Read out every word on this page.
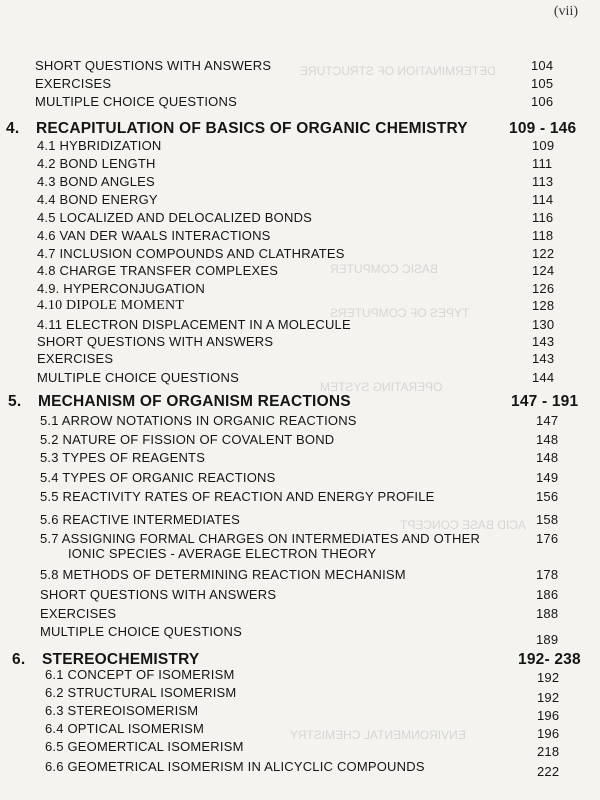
DETERMINATION OF STRUCTURE
BASIC COMPUTER
TYPES OF COMPUTERS
OPERATING SYSTEM
ACID BASE CONCEPT
ENVIRONMENTAL CHEMISTRY
(vii)
SHORT QUESTIONS WITH ANSWERS	104
EXERCISES	105
MULTIPLE CHOICE QUESTIONS	106
4. RECAPITULATION OF BASICS OF ORGANIC CHEMISTRY	109 - 146
4.1 HYBRIDIZATION	109
4.2 BOND LENGTH	111
4.3 BOND ANGLES	113
4.4 BOND ENERGY	114
4.5 LOCALIZED AND DELOCALIZED BONDS	116
4.6 VAN DER WAALS INTERACTIONS	118
4.7 INCLUSION COMPOUNDS AND CLATHRATES	122
4.8 CHARGE TRANSFER COMPLEXES	124
4.9. HYPERCONJUGATION	126
4.10 DIPOLE MOMENT	128
4.11 ELECTRON DISPLACEMENT IN A MOLECULE	130
SHORT QUESTIONS WITH ANSWERS	143
EXERCISES	143
MULTIPLE CHOICE QUESTIONS	144
5. MECHANISM OF ORGANISM REACTIONS	147 - 191
5.1 ARROW NOTATIONS IN ORGANIC REACTIONS	147
5.2 NATURE OF FISSION OF COVALENT BOND	148
5.3 TYPES OF REAGENTS	148
5.4 TYPES OF ORGANIC REACTIONS	149
5.5 REACTIVITY RATES OF REACTION AND ENERGY PROFILE	156
5.6 REACTIVE INTERMEDIATES	158
5.7 ASSIGNING FORMAL CHARGES ON INTERMEDIATES AND OTHER
IONIC SPECIES - AVERAGE ELECTRON THEORY
176
5.8 METHODS OF DETERMINING REACTION MECHANISM	178
SHORT QUESTIONS WITH ANSWERS	186
EXERCISES	188
MULTIPLE CHOICE QUESTIONS
189
6. STEREOCHEMISTRY	192- 238
6.1 CONCEPT OF ISOMERISM	192
6.2 STRUCTURAL ISOMERISM	192
6.3 STEREOISOMERISM	196
6.4 OPTICAL ISOMERISM	196
6.5 GEOMERTICAL ISOMERISM	218
6.6 GEOMETRICAL ISOMERISM IN ALICYCLIC COMPOUNDS	222
